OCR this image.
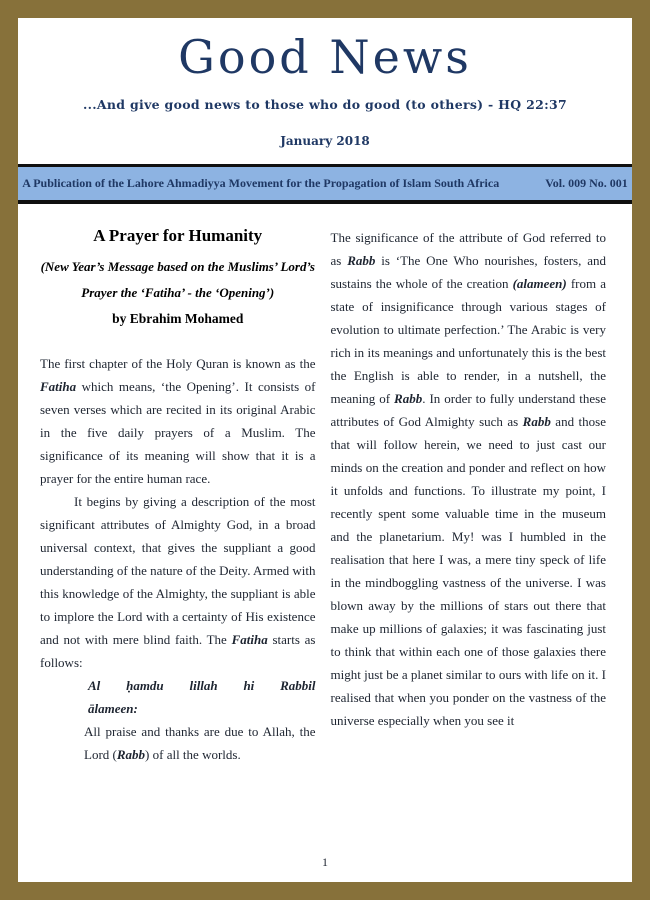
Good News
...And give good news to those who do good (to others) - HQ 22:37
January 2018
A Publication of the Lahore Ahmadiyya Movement for the Propagation of Islam South Africa	Vol. 009 No. 001
A Prayer for Humanity
(New Year’s Message based on the Muslims’ Lord’s Prayer the ‘Fatiha’ - the ‘Opening’)
by Ebrahim Mohamed

The first chapter of the Holy Quran is known as the Fatiha which means, ‘the Opening’. It consists of seven verses which are recited in its original Arabic in the five daily prayers of a Muslim. The significance of its meaning will show that it is a prayer for the entire human race.

It begins by giving a description of the most significant attributes of Almighty God, in a broad universal context, that gives the suppliant a good understanding of the nature of the Deity. Armed with this knowledge of the Almighty, the suppliant is able to implore the Lord with a certainty of His existence and not with mere blind faith. The Fatiha starts as follows:

Al ḥamdu lillah hi Rabbil
ālameen:

All praise and thanks are due to Allah, the Lord (Rabb) of all the worlds.

The significance of the attribute of God referred to as Rabb is ‘The One Who nourishes, fosters, and sustains the whole of the creation (alameen) from a state of insignificance through various stages of evolution to ultimate perfection.’ The Arabic is very rich in its meanings and unfortunately this is the best the English is able to render, in a nutshell, the meaning of Rabb. In order to fully understand these attributes of God Almighty such as Rabb and those that will follow herein, we need to just cast our minds on the creation and ponder and reflect on how it unfolds and functions. To illustrate my point, I recently spent some valuable time in the museum and the planetarium. My! was I humbled in the realisation that here I was, a mere tiny speck of life in the mindboggling vastness of the universe. I was blown away by the millions of stars out there that make up millions of galaxies; it was fascinating just to think that within each one of those galaxies there might just be a planet similar to ours with life on it. I realised that when you ponder on the vastness of the universe especially when you see it

1
